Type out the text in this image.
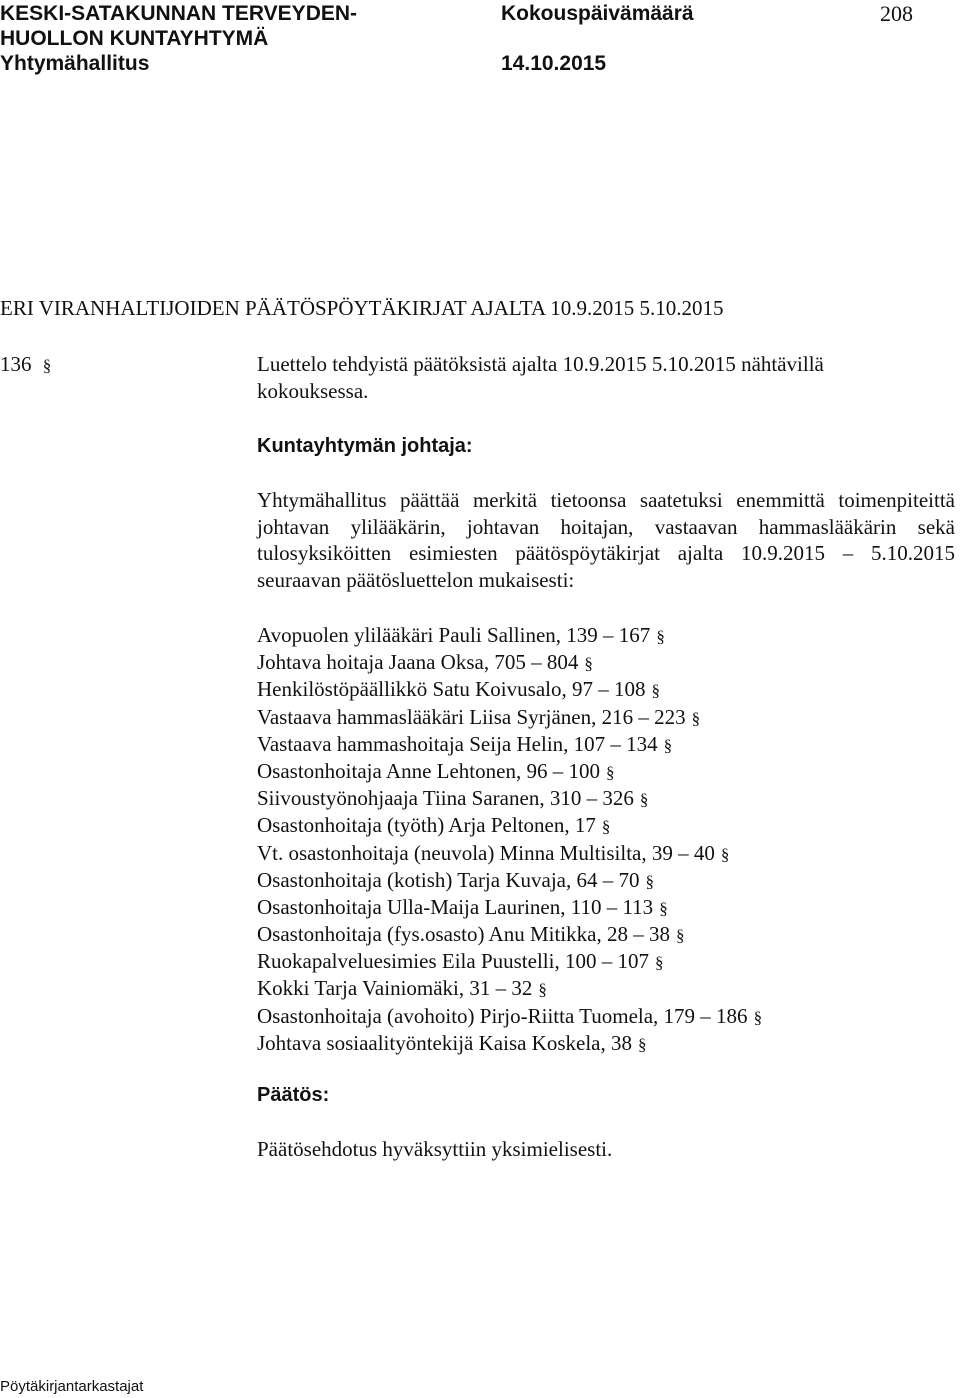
KESKI-SATAKUNNAN TERVEYDEN-
HUOLLON KUNTAYHTYMÄ
Yhtymähallitus
Kokouspäivämäärä
14.10.2015
208
ERI VIRANHALTIJOIDEN PÄÄTÖSPÖYTÄKIRJAT AJALTA 10.9.2015 5.10.2015
136 §	Luettelo tehdyistä päätöksistä ajalta 10.9.2015 5.10.2015 nähtävillä
kokouksessa.
Kuntayhtymän johtaja:
Yhtymähallitus päättää merkitä tietoonsa saatetuksi enemmittä toimenpiteittä johtavan ylilääkärin, johtavan hoitajan, vastaavan hammaslääkärin sekä tulosyksiköitten esimiesten päätöspöytäkirjat ajalta 10.9.2015 – 5.10.2015 seuraavan päätösluettelon mukaisesti:
Avopuolen ylilääkäri Pauli Sallinen, 139 – 167 §
Johtava hoitaja Jaana Oksa, 705 – 804 §
Henkilöstöpäällikkö Satu Koivusalo, 97 – 108 §
Vastaava hammaslääkäri Liisa Syrjänen, 216 – 223 §
Vastaava hammashoitaja Seija Helin, 107 – 134 §
Osastonhoitaja Anne Lehtonen, 96 – 100 §
Siivoustyönohjaaja Tiina Saranen, 310 – 326 §
Osastonhoitaja (työth) Arja Peltonen, 17 §
Vt. osastonhoitaja (neuvola) Minna Multisilta, 39 – 40 §
Osastonhoitaja (kotish) Tarja Kuvaja, 64 – 70 §
Osastonhoitaja Ulla-Maija Laurinen, 110 – 113 §
Osastonhoitaja (fys.osasto) Anu Mitikka, 28 – 38 §
Ruokapalveluesimies Eila Puustelli, 100 – 107 §
Kokki Tarja Vainiomäki, 31 – 32 §
Osastonhoitaja (avohoito) Pirjo-Riitta Tuomela, 179 – 186 §
Johtava sosiaalityöntekijä Kaisa Koskela, 38 §
Päätös:
Päätösehdotus hyväksyttiin yksimielisesti.
Pöytäkirjantarkastajat
